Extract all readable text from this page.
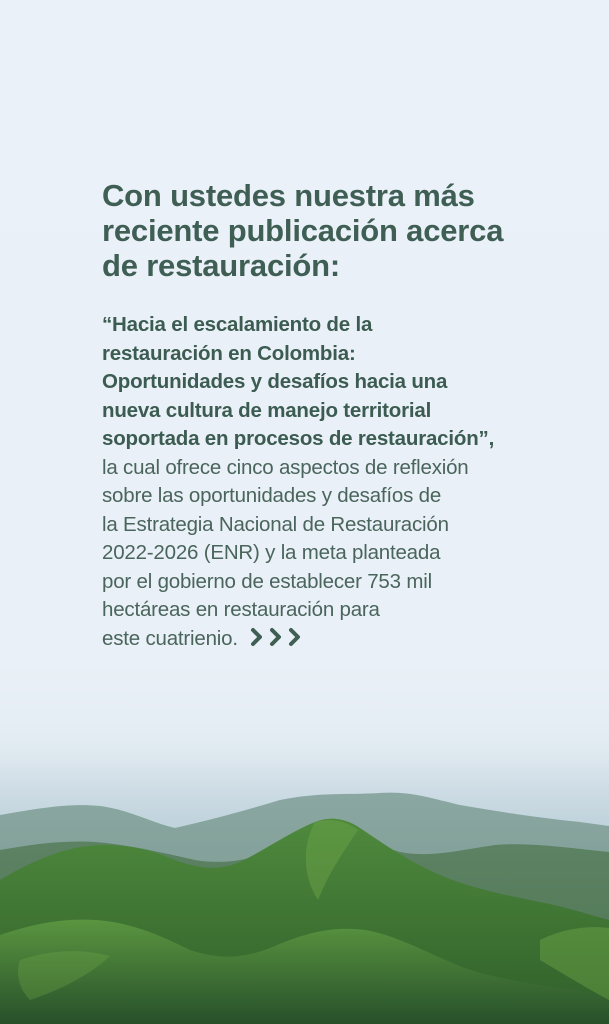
Con ustedes nuestra más
reciente publicación acerca
de restauración:
“Hacia el escalamiento de la
restauración en Colombia:
Oportunidades y desafíos hacia una
nueva cultura de manejo territorial
soportada en procesos de restauración”,
la cual ofrece cinco aspectos de reflexión
sobre las oportunidades y desafíos de
la Estrategia Nacional de Restauración
2022-2026 (ENR) y la meta planteada
por el gobierno de establecer 753 mil
hectáreas en restauración para
este cuatrienio.
